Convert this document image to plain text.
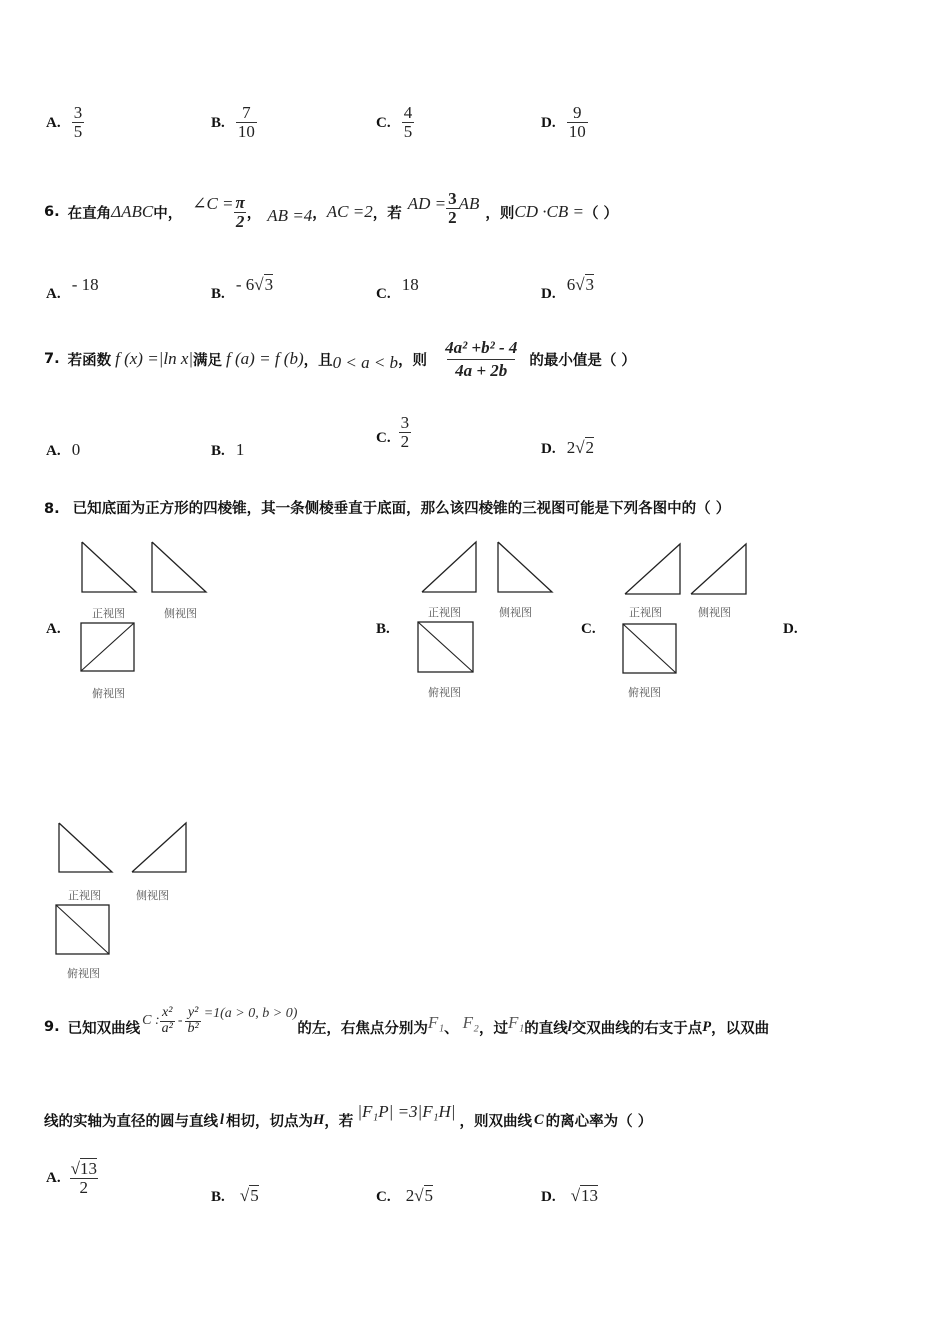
A. $\frac{3}{5}$	B. $\frac{7}{10}$	C. $\frac{4}{5}$	D. $\frac{9}{10}$
6. 在直角 ΔABC 中，
∠C = $\frac{\pi}{2}$ ， AB =4 ， AC =2 ，若
AD = $\frac{3}{2}$ AB
，则 CD ·CB = （ ）
A. - 18	B. - 6√3	C. 18	D. 6√3
7. 若函数 f (x) =|ln x| 满足 f (a) = f (b) ，且 0 < a < b ，则 $\frac{\text{4a² +b² - 4}}{4a + 2b}$ 的最小值是（ ）
A. 0	B. 1
C. $\frac{3}{2}$	D. 2√2
8. 已知底面为正方形的四棱锥，其一条侧棱垂直于底面，那么该四棱锥的三视图可能是下列各图中的（ ）
A.
正视图	侧视图
俯视图
B.
正视图	侧视图
俯视图
C.
正视图	侧视图
俯视图
D.
正视图	侧视图
俯视图
9. 已知双曲线 C : $\frac{\text{x²}}{\text{a²}} - \frac{\text{y²}}{\text{b²}} =1(a > 0$, b > 0)
的左，右焦点分别为 F₁ 、 F₂ ，过 F₁ 的直线 l 交双曲线的右支于点 P ，以双曲
线的实轴为直径的圆与直线 l 相切，切点为 H ，若
|F₁P| =3|F₁H|
，则双曲线 C 的离心率为（ ）
A. $\frac{√13}{2}$
B. √5	C. 2√5	D. √13
